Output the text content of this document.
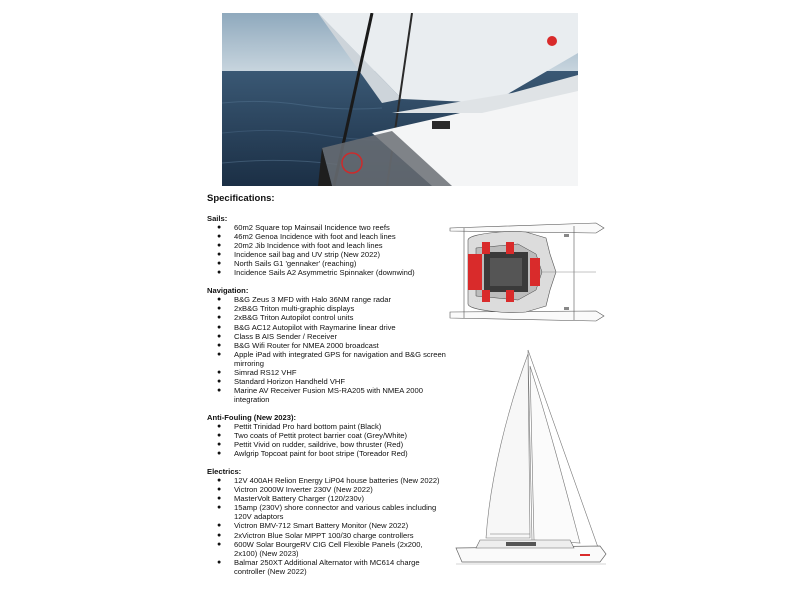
Specifications:
Sails:
● 60m2 Square top Mainsail Incidence two reefs
● 46m2 Genoa Incidence with foot and leach lines
● 20m2 Jib Incidence with foot and leach lines
● Incidence sail bag and UV strip (New 2022)
● North Sails G1 'gennaker' (reaching)
● Incidence Sails A2 Asymmetric Spinnaker (downwind)
Navigation:
● B&G Zeus 3 MFD with Halo 36NM range radar
● 2xB&G Triton multi-graphic displays
● 2xB&G Triton Autopilot control units
● B&G AC12 Autopilot with Raymarine linear drive
● Class B AIS Sender / Receiver
● B&G Wifi Router for NMEA 2000 broadcast
● Apple iPad with integrated GPS for navigation and B&G screen mirroring
● Simrad RS12 VHF
● Standard Horizon Handheld VHF
● Marine AV Receiver Fusion MS-RA205 with NMEA 2000 integration
Anti-Fouling (New 2023):
● Pettit Trinidad Pro hard bottom paint (Black)
● Two coats of Pettit protect barrier coat (Grey/White)
● Pettit Vivid on rudder, saildrive, bow thruster (Red)
● Awlgrip Topcoat paint for boot stripe (Toreador Red)
Electrics:
● 12V 400AH Relion Energy LiP04 house batteries (New 2022)
● Victron 2000W Inverter 230V (New 2022)
● MasterVolt Battery Charger (120/230v)
● 15amp (230V) shore connector and various cables including 120V adaptors
● Victron BMV-712 Smart Battery Monitor (New 2022)
● 2xVictron Blue Solar MPPT 100/30 charge controllers
● 600W Solar BourgeRV CIG Cell Flexible Panels (2x200, 2x100) (New 2023)
● Balmar 250XT Additional Alternator with MC614 charge controller (New 2022)
